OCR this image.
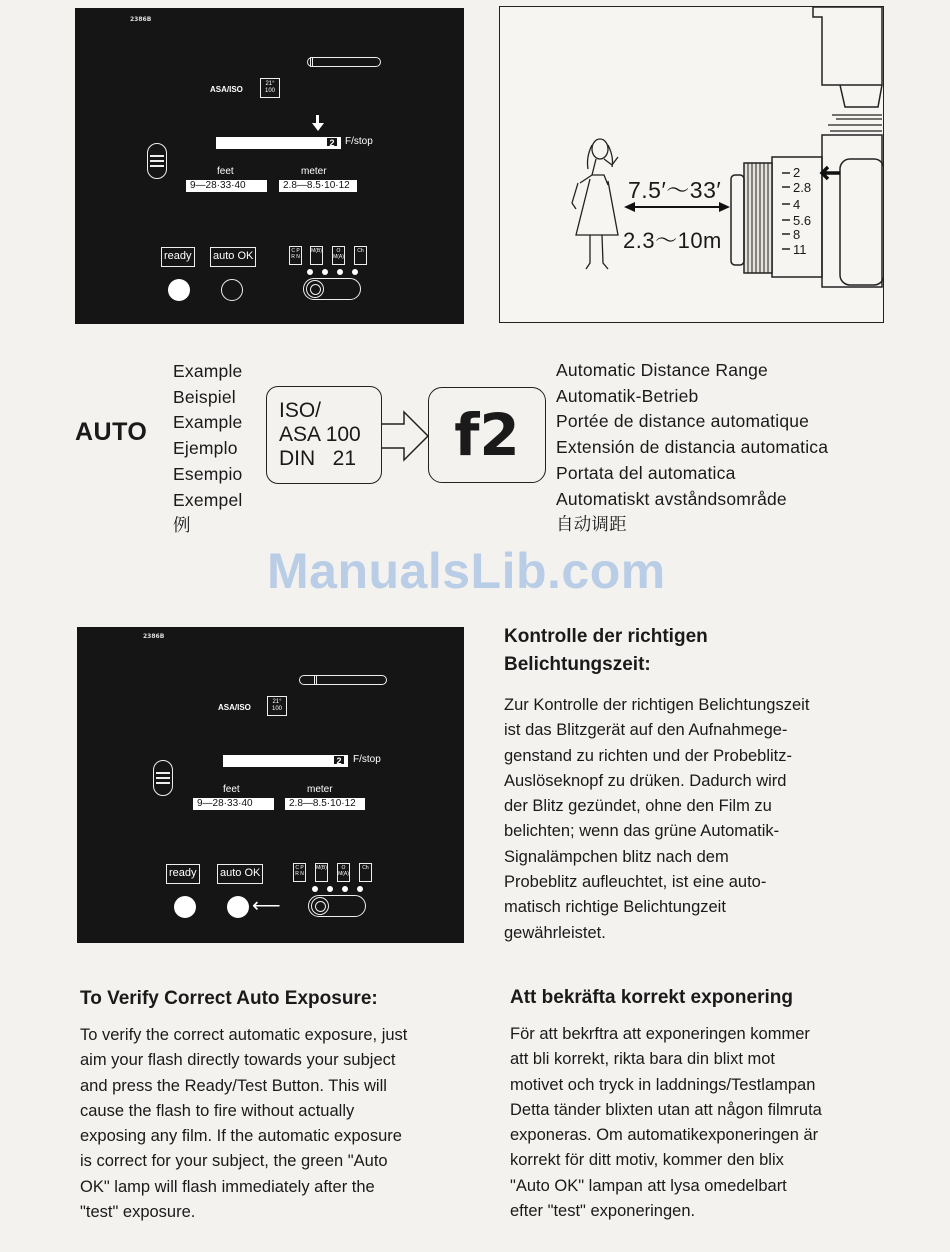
2386B
ASA/ISO
21°
100
2	F/stop
feet	meter
9—28·33·40	2.8—8.5·10·12
ready auto OK	C P R N
M(B)	O M(A)
Ch
7.5′～33′
2.3～10m
2
2.8
4
5.6
8
11
AUTO
Example
Beispiel
Example
Ejemplo
Esempio
Exempel
例
ISO/
ASA 100
DIN   21	f2
Automatic Distance Range
Automatik-Betrieb
Portée de distance automatique
Extensión de distancia automatica
Portata del automatica
Automatiskt avståndsområde
自动调距
ManualsLib.com
2386B
ASA/ISO
21°
100
2	F/stop
feet	meter
9—28·33·40	2.8—8.5·10·12
ready auto OK	C P R N
M(B)	O M(A)
Ch
⟵
Kontrolle der richtigen
Belichtungszeit:
Zur Kontrolle der richtigen Belichtungszeit
ist das Blitzgerät auf den Aufnahmege-
genstand zu richten und der Probeblitz-
Auslöseknopf zu drüken. Dadurch wird
der Blitz gezündet, ohne den Film zu
belichten; wenn das grüne Automatik-
Signalämpchen blitz nach dem
Probeblitz aufleuchtet, ist eine auto-
matisch richtige Belichtungzeit
gewährleistet.
To Verify Correct Auto Exposure:
To verify the correct automatic exposure, just
aim your flash directly towards your subject
and press the Ready/Test Button. This will
cause the flash to fire without actually
exposing any film. If the automatic exposure
is correct for your subject, the green "Auto
OK" lamp will flash immediately after the
"test" exposure.
Att bekräfta korrekt exponering
För att bekrftra att exponeringen kommer
att bli korrekt, rikta bara din blixt mot
motivet och tryck in laddnings/Testlampan
Detta tänder blixten utan att någon filmruta
exponeras. Om automatikexponeringen är
korrekt för ditt motiv, kommer den blix
"Auto OK" lampan att lysa omedelbart
efter "test" exponeringen.
